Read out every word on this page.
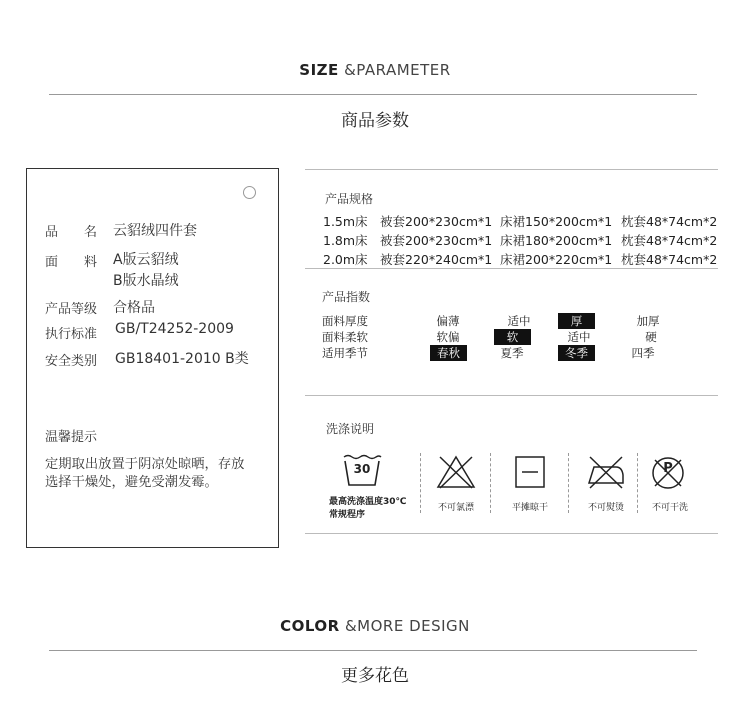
SIZE &PARAMETER
商品参数
品　　名 云貂绒四件套
面　　料 A版云貂绒
B版水晶绒
产品等级 合格品
执行标准 GB/T24252-2009
安全类别 GB18401-2010 B类
温馨提示
定期取出放置于阴凉处晾晒，存放
选择干燥处，避免受潮发霉。
产品规格
1.5m床 被套200*230cm*1 床裙150*200cm*1 枕套48*74cm*2
1.8m床 被套200*230cm*1 床裙180*200cm*1 枕套48*74cm*2
2.0m床 被套220*240cm*1 床裙200*220cm*1 枕套48*74cm*2
产品指数
面料厚度	偏薄	适中	厚	加厚
面料柔软	软偏	软	适中	硬
适用季节	春秋	夏季	冬季	四季
洗涤说明
30
最高洗涤温度30℃
常规程序
不可氯漂	平摊晾干	不可熨烫
P
不可干洗
COLOR &MORE DESIGN
更多花色
